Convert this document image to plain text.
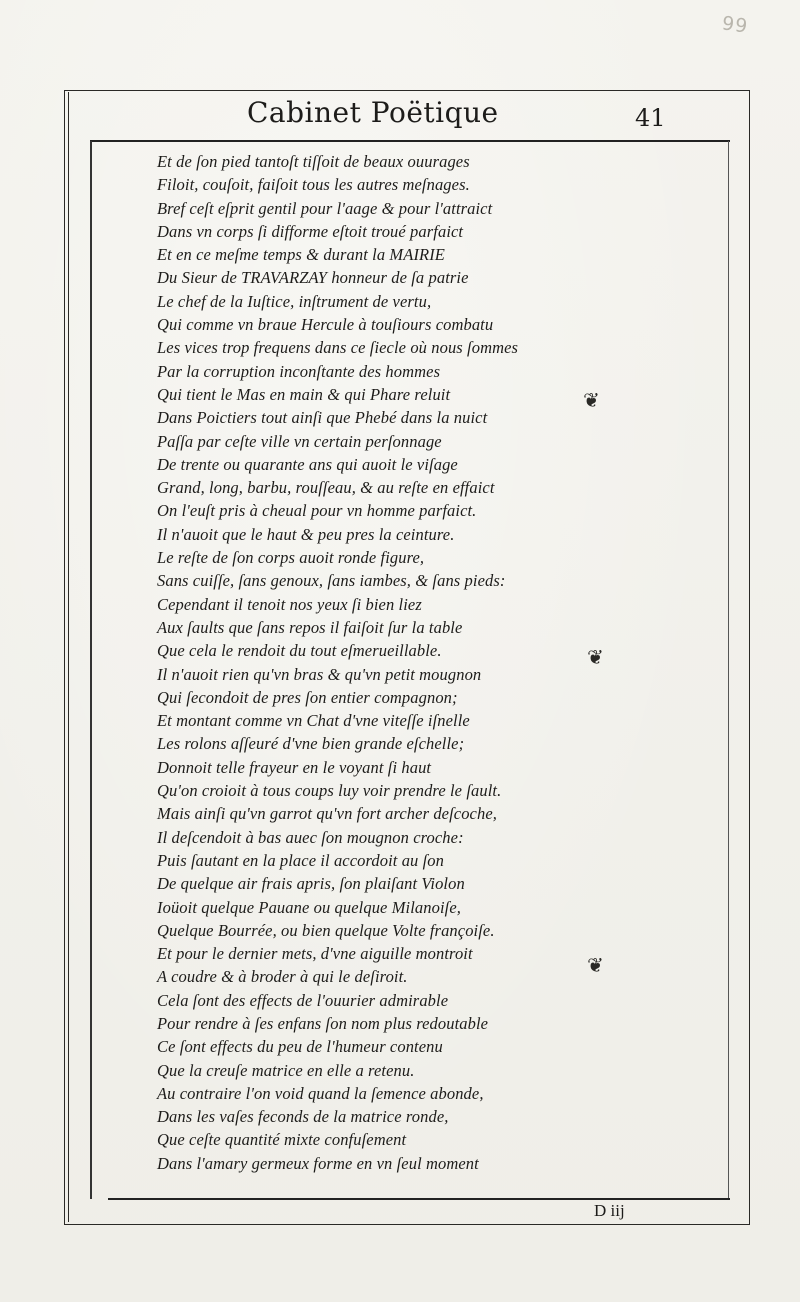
99
Cabinet Poëtique	41
Et de ſon pied tantoſt tiſſoit de beaux ouurages
Filoit, couſoit, faiſoit tous les autres meſnages.
Bref ceſt eſprit gentil pour l'aage & pour l'attraict
Dans vn corps ſi difforme eſtoit troué parfaict
Et en ce meſme temps & durant la MAIRIE
Du Sieur de TRAVARZAY honneur de ſa patrie
Le chef de la Iuſtice, inſtrument de vertu,
Qui comme vn braue Hercule à touſiours combatu
Les vices trop frequens dans ce ſiecle où nous ſommes
Par la corruption inconſtante des hommes
Qui tient le Mas en main & qui Phare reluit
Dans Poictiers tout ainſi que Phebé dans la nuict
Paſſa par ceſte ville vn certain perſonnage
De trente ou quarante ans qui auoit le viſage
Grand, long, barbu, rouſſeau, & au reſte en effaict
On l'euſt pris à cheual pour vn homme parfaict.
Il n'auoit que le haut & peu pres la ceinture.
Le reſte de ſon corps auoit ronde figure,
Sans cuiſſe, ſans genoux, ſans iambes, & ſans pieds:
Cependant il tenoit nos yeux ſi bien liez
Aux ſaults que ſans repos il faiſoit ſur la table
Que cela le rendoit du tout eſmerueillable.
Il n'auoit rien qu'vn bras & qu'vn petit mougnon
Qui ſecondoit de pres ſon entier compagnon;
Et montant comme vn Chat d'vne viteſſe iſnelle
Les rolons aſſeuré d'vne bien grande eſchelle;
Donnoit telle frayeur en le voyant ſi haut
Qu'on croioit à tous coups luy voir prendre le ſault.
Mais ainſi qu'vn garrot qu'vn fort archer deſcoche,
Il deſcendoit à bas auec ſon mougnon croche:
Puis ſautant en la place il accordoit au ſon
De quelque air frais apris, ſon plaiſant Violon
Ioüoit quelque Pauane ou quelque Milanoiſe,
Quelque Bourrée, ou bien quelque Volte françoiſe.
Et pour le dernier mets, d'vne aiguille montroit
A coudre & à broder à qui le deſiroit.
Cela ſont des effects de l'ouurier admirable
Pour rendre à ſes enfans ſon nom plus redoutable
Ce ſont effects du peu de l'humeur contenu
Que la creuſe matrice en elle a retenu.
Au contraire l'on void quand la ſemence abonde,
Dans les vaſes feconds de la matrice ronde,
Que ceſte quantité mixte confuſement
Dans l'amary germeux forme en vn ſeul moment
❦
❦
❦
D iij
